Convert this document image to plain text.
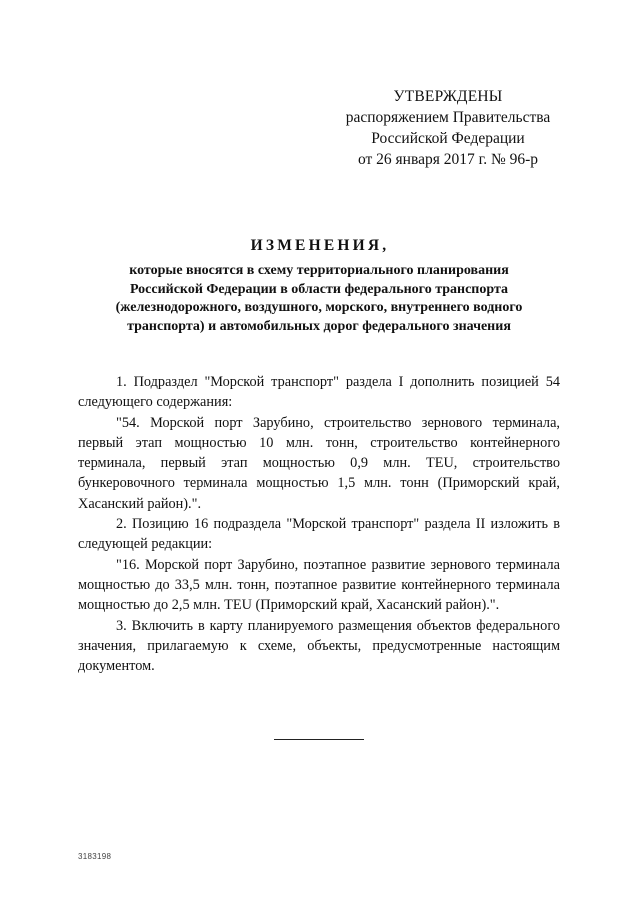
УТВЕРЖДЕНЫ
распоряжением Правительства
Российской Федерации
от 26 января 2017 г. № 96-р
ИЗМЕНЕНИЯ,
которые вносятся в схему территориального планирования
Российской Федерации в области федерального транспорта
(железнодорожного, воздушного, морского, внутреннего водного
транспорта) и автомобильных дорог федерального значения

1. Подраздел "Морской транспорт" раздела I дополнить позицией 54 следующего содержания:

"54. Морской порт Зарубино, строительство зернового терминала, первый этап мощностью 10 млн. тонн, строительство контейнерного терминала, первый этап мощностью 0,9 млн. TEU, строительство бункеровочного терминала мощностью 1,5 млн. тонн (Приморский край, Хасанский район).".

2. Позицию 16 подраздела "Морской транспорт" раздела II изложить в следующей редакции:

"16. Морской порт Зарубино, поэтапное развитие зернового терминала мощностью до 33,5 млн. тонн, поэтапное развитие контейнерного терминала мощностью до 2,5 млн. TEU (Приморский край, Хасанский район).".

3. Включить в карту планируемого размещения объектов федерального значения, прилагаемую к схеме, объекты, предусмотренные настоящим документом.

3183198
